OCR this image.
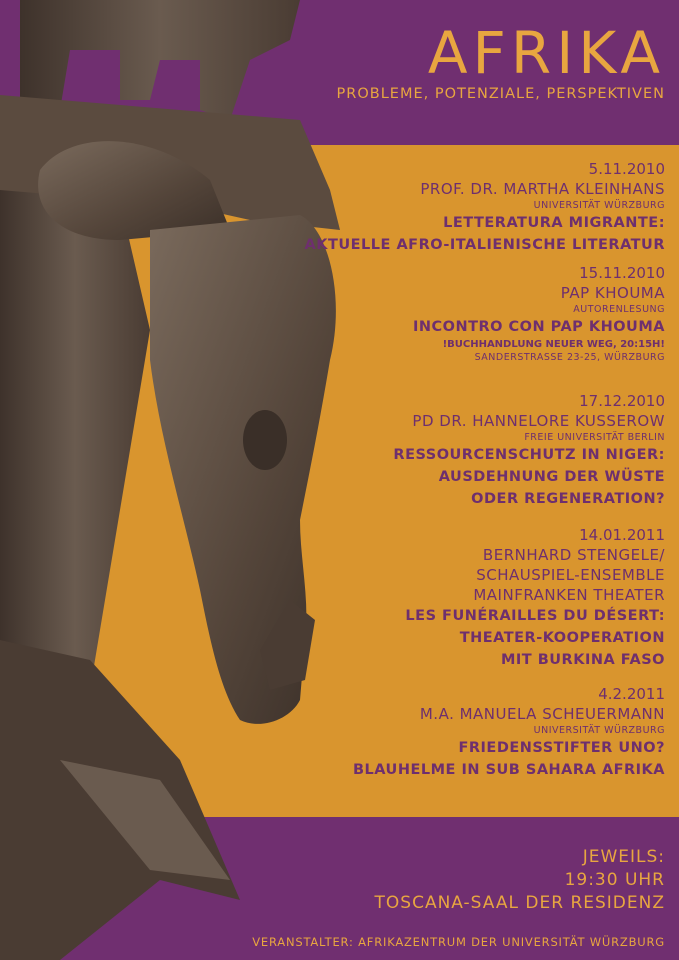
AFRIKA
PROBLEME, POTENZIALE, PERSPEKTIVEN
5.11.2010
PROF. DR. MARTHA KLEINHANS
UNIVERSITÄT WÜRZBURG
LETTERATURA MIGRANTE:
AKTUELLE AFRO-ITALIENISCHE LITERATUR
15.11.2010
PAP KHOUMA
AUTORENLESUNG
INCONTRO CON PAP KHOUMA
!BUCHHANDLUNG NEUER WEG, 20:15H!
SANDERSTRASSE 23-25, WÜRZBURG
17.12.2010
PD DR. HANNELORE KUSSEROW
FREIE UNIVERSITÄT BERLIN
RESSOURCENSCHUTZ IN NIGER:
AUSDEHNUNG DER WÜSTE
ODER REGENERATION?
14.01.2011
BERNHARD STENGELE/
SCHAUSPIEL-ENSEMBLE
MAINFRANKEN THEATER
LES FUNÉRAILLES DU DÉSERT:
THEATER-KOOPERATION
MIT BURKINA FASO
4.2.2011
M.A. MANUELA SCHEUERMANN
UNIVERSITÄT WÜRZBURG
FRIEDENSSTIFTER UNO?
BLAUHELME IN SUB SAHARA AFRIKA
JEWEILS:
19:30 UHR
TOSCANA-SAAL DER RESIDENZ
VERANSTALTER: AFRIKAZENTRUM DER UNIVERSITÄT WÜRZBURG
